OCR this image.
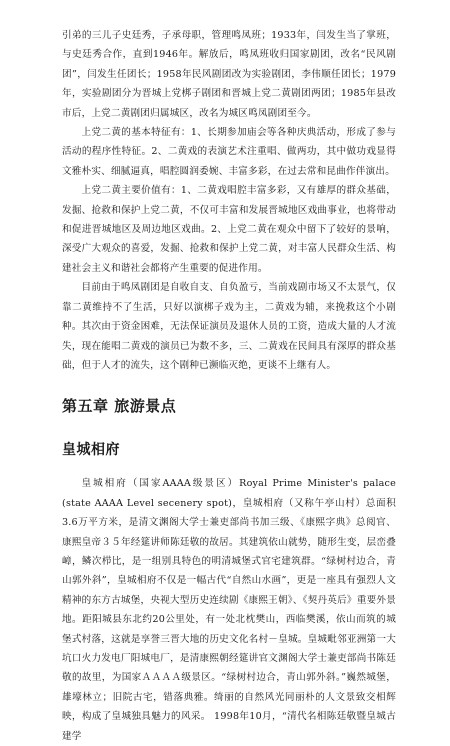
引弟的三儿子史廷秀，子承母职，管理鸣凤班；1933年，闫发生当了掌班，与史廷秀合作，直到1946年。解放后，鸣凤班收归国家剧团，改名“民风剧团”，闫发生任团长；1958年民风剧团改为实验剧团，李伟顺任团长；1979年，实验剧团分为晋城上党梆子剧团和晋城上党二黄剧团两团；1985年县改市后，上党二黄剧团归属城区，改名为城区鸣凤剧团至今。

上党二黄的基本特征有：1、长期参加庙会等各种庆典活动，形成了参与活动的程序性特征。2、二黄戏的表演艺术注重唱、做两功，其中做功戏显得文雅朴实、细腻逼真，唱腔圆润委婉、丰富多彩，在过去常和昆曲作伴演出。

上党二黄主要价值有：1、二黄戏唱腔丰富多彩，又有雄厚的群众基础，发掘、抢救和保护上党二黄，不仅可丰富和发展晋城地区戏曲事业，也将带动和促进晋城地区及周边地区戏曲。2、上党二黄在观众中留下了较好的景响，深受广大观众的喜爱，发掘、抢救和保护上党二黄，对丰富人民群众生活、构建社会主义和谐社会都将产生重要的促进作用。

目前由于鸣凤剧团是自收自支、自负盈亏，当前戏剧市场又不太景气，仅靠二黄维持不了生活，只好以演梆子戏为主，二黄戏为辅，来挽救这个小剧种。其次由于资金困难，无法保证演员及退休人员的工资，造成大量的人才流失，现在能唱二黄戏的演员已为数不多，三、二黄戏在民间具有深厚的群众基础，但于人才的流失，这个剧种已濒临灭绝，更谈不上继有人。

第五章 旅游景点
皇城相府

皇城相府（国家AAAA级景区）Royal Prime Minister's palace (state AAAA Level secenery spot)，皇城相府（又称午亭山村）总面积3.6万平方米，是清文渊阁大学士兼吏部尚书加三级、《康熙字典》总阅官、康熙皇帝３５年经筵讲师陈廷敬的故居。其建筑依山就势，随形生变，层峦叠嶂，鳞次栉比，是一组别具特色的明清城堡式官宅建筑群。“绿树村边合，青山郭外斜”，皇城相府不仅是一幅古代“自然山水画”，更是一座具有强烈人文精神的东方古城堡，央视大型历史连续剧《康熙王朝》、《契丹英后》重要外景地。距阳城县东北约20公里处，有一处北枕樊山，西临樊溪，依山而筑的城堡式村落，这就是享誉三晋大地的历史文化名村－皇城。皇城毗邻亚洲第一大坑口火力发电厂阳城电厂，是清康熙朝经筵讲官文渊阁大学士兼吏部尚书陈廷敬的故里，为国家ＡＡＡＡ级景区。“绿树村边合，青山郭外斜。”巍然城堡，雄壕林立；旧院古宅，错落典雅。绮丽的自然风光同丽朴的人文景致交相辉映，构成了皇城独具魅力的风采。 1998年10月，“清代名相陈廷敬暨皇城古建学
